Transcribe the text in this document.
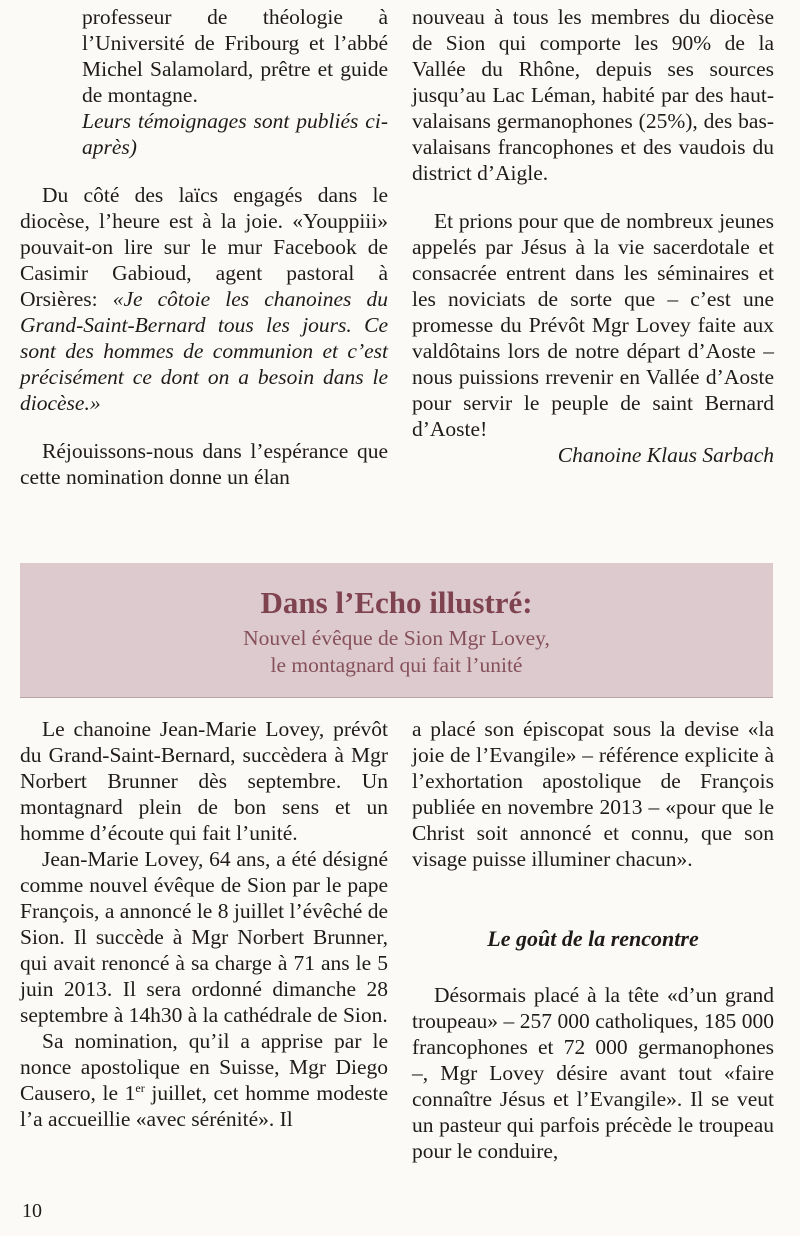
professeur de théologie à l’Université de Fribourg et l’abbé Michel Salamolard, prêtre et guide de montagne.

Leurs témoignages sont publiés ci-après)

Du côté des laïcs engagés dans le diocèse, l’heure est à la joie. «Youppiii» pouvait-on lire sur le mur Facebook de Casimir Gabioud, agent pastoral à Orsières: «Je côtoie les chanoines du Grand-Saint-Bernard tous les jours. Ce sont des hommes de communion et c’est précisément ce dont on a besoin dans le diocèse.»

Réjouissons-nous dans l’espérance que cette nomination donne un élan

nouveau à tous les membres du diocèse de Sion qui comporte les 90% de la Vallée du Rhône, depuis ses sources jusqu’au Lac Léman, habité par des haut-valaisans germanophones (25%), des bas-valaisans francophones et des vaudois du district d’Aigle.

Et prions pour que de nombreux jeunes appelés par Jésus à la vie sacerdotale et consacrée entrent dans les séminaires et les noviciats de sorte que – c’est une promesse du Prévôt Mgr Lovey faite aux valdôtains lors de notre départ d’Aoste – nous puissions rrevenir en Vallée d’Aoste pour servir le peuple de saint Bernard d’Aoste!

Chanoine Klaus Sarbach

Dans l’Echo illustré:
Nouvel évêque de Sion Mgr Lovey,
le montagnard qui fait l’unité

Le chanoine Jean-Marie Lovey, prévôt du Grand-Saint-Bernard, succèdera à Mgr Norbert Brunner dès septembre. Un montagnard plein de bon sens et un homme d’écoute qui fait l’unité.

Jean-Marie Lovey, 64 ans, a été désigné comme nouvel évêque de Sion par le pape François, a annoncé le 8 juillet l’évêché de Sion. Il succède à Mgr Norbert Brunner, qui avait renoncé à sa charge à 71 ans le 5 juin 2013. Il sera ordonné dimanche 28 septembre à 14h30 à la cathédrale de Sion.

Sa nomination, qu’il a apprise par le nonce apostolique en Suisse, Mgr Diego Causero, le 1er juillet, cet homme modeste l’a accueillie «avec sérénité». Il

a placé son épiscopat sous la devise «la joie de l’Evangile» – référence explicite à l’exhortation apostolique de François publiée en novembre 2013 – «pour que le Christ soit annoncé et connu, que son visage puisse illuminer chacun».

Le goût de la rencontre

Désormais placé à la tête «d’un grand troupeau» – 257 000 catholiques, 185 000 francophones et 72 000 germanophones –, Mgr Lovey désire avant tout «faire connaître Jésus et l’Evangile». Il se veut un pasteur qui parfois précède le troupeau pour le conduire,

10
